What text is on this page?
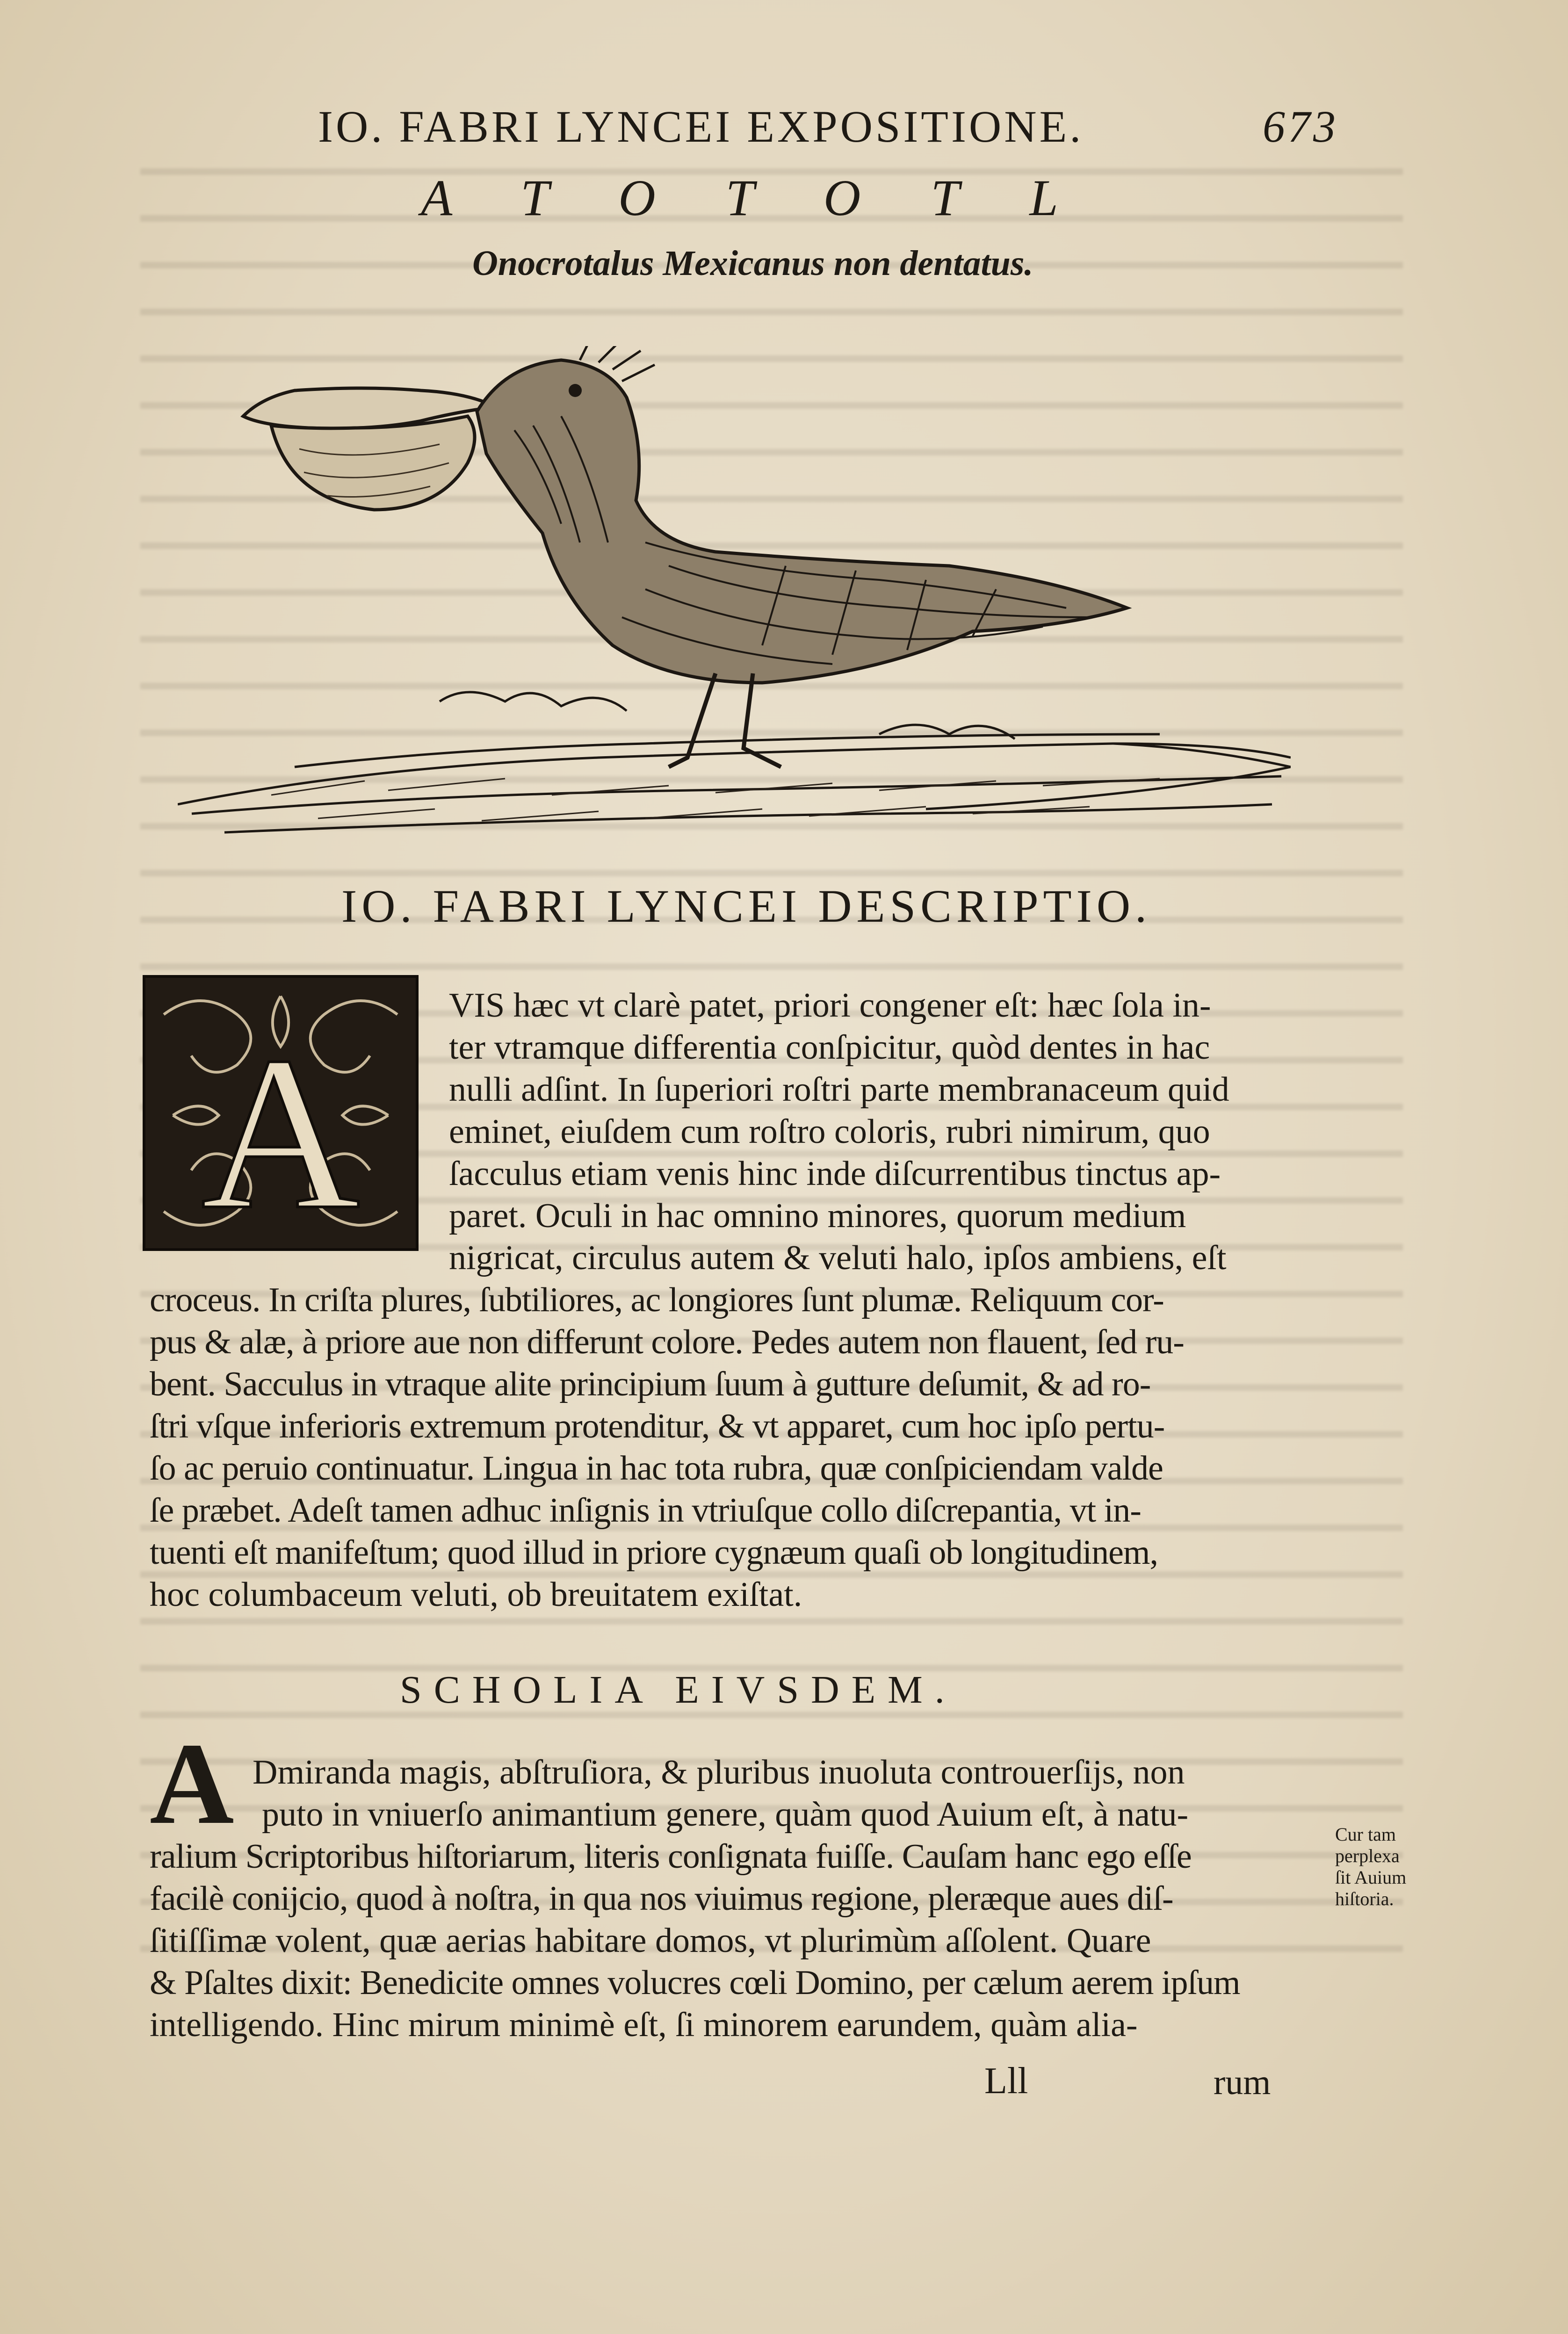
IO. FABRI LYNCEI EXPOSITIONE.	673
ATOTOTL
Onocrotalus Mexicanus non dentatus.
IO. FABRI LYNCEI DESCRIPTIO.
A
VIS hæc vt clarè patet, priori congener eſt: hæc ſola in-
ter vtramque differentia conſpicitur, quòd dentes in hac
nulli adſint. In ſuperiori roſtri parte membranaceum quid
eminet, eiuſdem cum roſtro coloris, rubri nimirum, quo
ſacculus etiam venis hinc inde diſcurrentibus tinctus ap-
paret. Oculi in hac omnino minores, quorum medium
nigricat, circulus autem & veluti halo, ipſos ambiens, eſt
croceus. In criſta plures, ſubtiliores, ac longiores ſunt plumæ. Reliquum cor-
pus & alæ, à priore aue non differunt colore. Pedes autem non flauent, ſed ru-
bent. Sacculus in vtraque alite principium ſuum à gutture deſumit, & ad ro-
ſtri vſque inferioris extremum protenditur, & vt apparet, cum hoc ipſo pertu-
ſo ac peruio continuatur. Lingua in hac tota rubra, quæ conſpiciendam valde
ſe præbet. Adeſt tamen adhuc inſignis in vtriuſque collo diſcrepantia, vt in-
tuenti eſt manifeſtum; quod illud in priore cygnæum quaſi ob longitudinem,
hoc columbaceum veluti, ob breuitatem exiſtat.
SCHOLIA EIVSDEM.
A Dmiranda magis, abſtruſiora, & pluribus inuoluta controuerſijs, non
puto in vniuerſo animantium genere, quàm quod Auium eſt, à natu-
ralium Scriptoribus hiſtoriarum, literis conſignata fuiſſe. Cauſam hanc ego eſſe
facilè conijcio, quod à noſtra, in qua nos viuimus regione, pleræque aues diſ-
ſitiſſimæ volent, quæ aerias habitare domos, vt plurimùm aſſolent. Quare
& Pſaltes dixit: Benedicite omnes volucres cœli Domino, per cælum aerem ipſum
intelligendo. Hinc mirum minimè eſt, ſi minorem earundem, quàm alia-
Cur tam
perplexa
ſit Auium
hiſtoria.
Lll	rum
